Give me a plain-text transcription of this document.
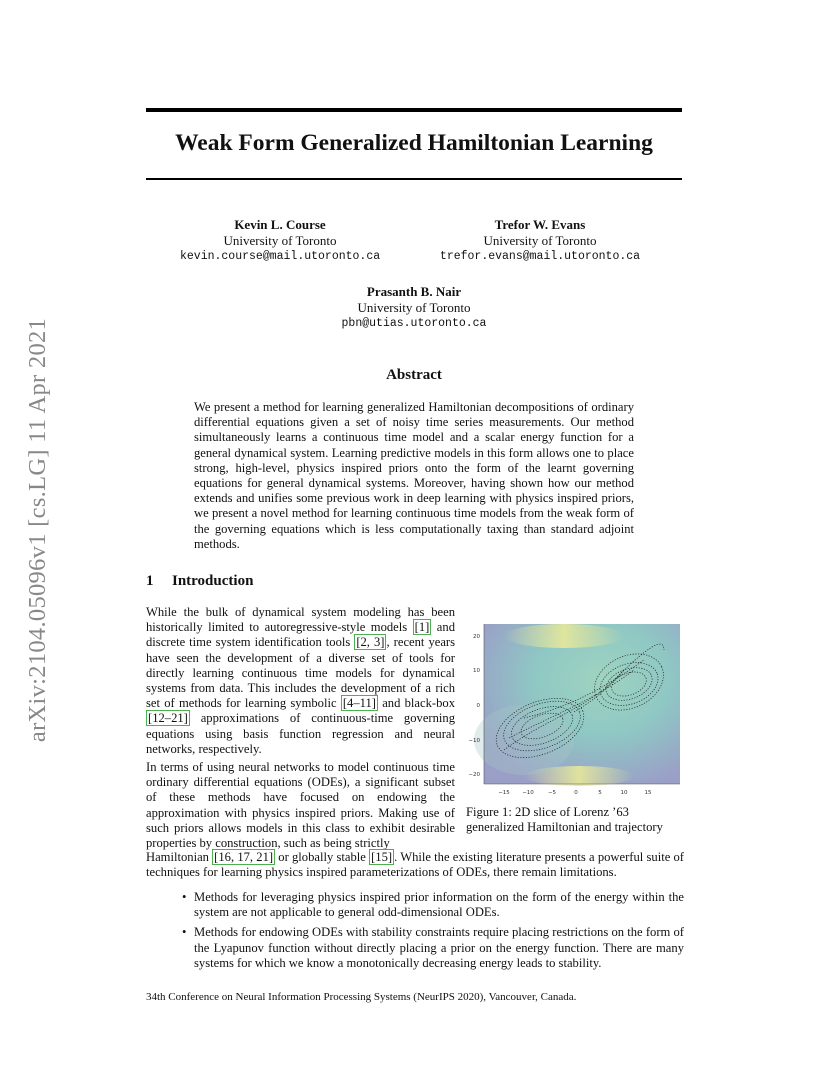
Weak Form Generalized Hamiltonian Learning
arXiv:2104.05096v1 [cs.LG] 11 Apr 2021
Kevin L. Course
University of Toronto
kevin.course@mail.utoronto.ca
Trefor W. Evans
University of Toronto
trefor.evans@mail.utoronto.ca
Prasanth B. Nair
University of Toronto
pbn@utias.utoronto.ca
Abstract

We present a method for learning generalized Hamiltonian decompositions of ordinary differential equations given a set of noisy time series measurements. Our method simultaneously learns a continuous time model and a scalar energy function for a general dynamical system. Learning predictive models in this form allows one to place strong, high-level, physics inspired priors onto the form of the learnt governing equations for general dynamical systems. Moreover, having shown how our method extends and unifies some previous work in deep learning with physics inspired priors, we present a novel method for learning continuous time models from the weak form of the governing equations which is less computationally taxing than standard adjoint methods.

1 Introduction

While the bulk of dynamical system modeling has been historically limited to autoregressive-style models [1] and discrete time system identification tools [2, 3] , recent years have seen the development of a diverse set of tools for directly learning continuous time models for dynamical systems from data. This includes the development of a rich set of methods for learning symbolic [4–11] and black-box [12–21] approximations of continuous-time governing equations using basis function regression and neural networks, respectively.

In terms of using neural networks to model continuous time ordinary differential equations (ODEs), a significant subset of these methods have focused on endowing the approximation with physics inspired priors. Making use of such priors allows models in this class to exhibit desirable properties by construction, such as being strictly

Hamiltonian [16, 17, 21] or globally stable [15] . While the existing literature presents a powerful suite of techniques for learning physics inspired parameterizations of ODEs, there remain limitations.

−15 −10	−5	0	5	10	15
20
10
0
−10
−20

Figure 1: 2D slice of Lorenz ’63 generalized Hamiltonian and trajectory

• Methods for leveraging physics inspired prior information on the form of the energy within the system are not applicable to general odd-dimensional ODEs.
• Methods for endowing ODEs with stability constraints require placing restrictions on the form of the Lyapunov function without directly placing a prior on the energy function. There are many systems for which we know a monotonically decreasing energy leads to stability.
34th Conference on Neural Information Processing Systems (NeurIPS 2020), Vancouver, Canada.
